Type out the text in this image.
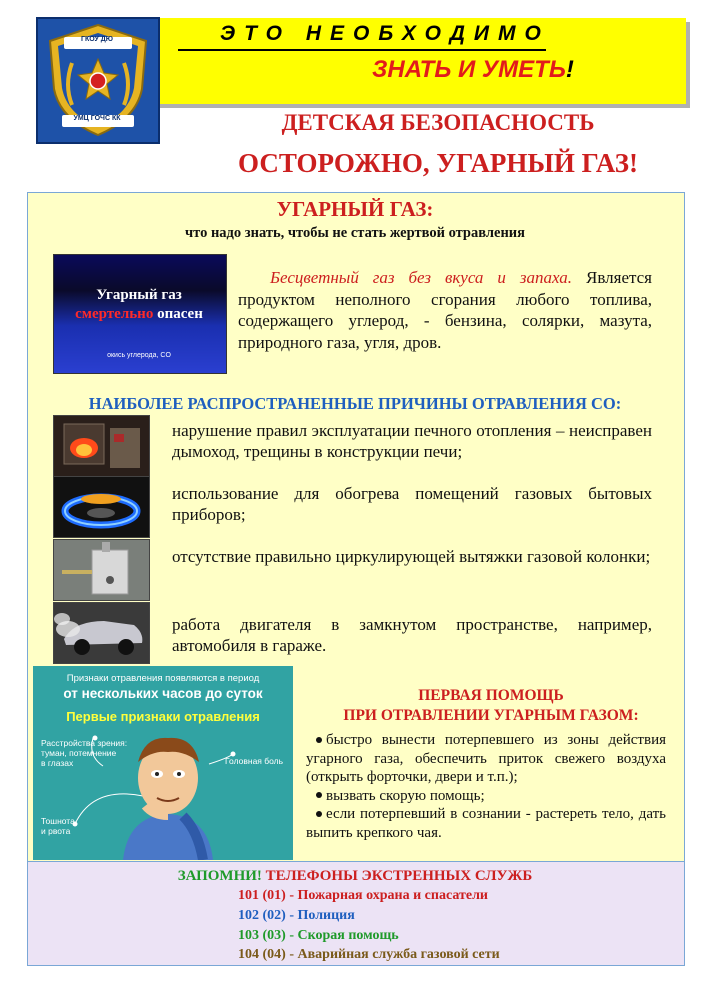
ГКОУ ДЮ
УМЦ ГОЧС КК
ЭТО НЕОБХОДИМО
ЗНАТЬ И УМЕТЬ!
ДЕТСКАЯ БЕЗОПАСНОСТЬ
ОСТОРОЖНО, УГАРНЫЙ ГАЗ!
УГАРНЫЙ ГАЗ:
что надо знать, чтобы не стать жертвой отравления
Угарный газ
смертельно опасен
окись углерода, CO
Бесцветный газ без вкуса и запаха. Является продуктом неполного сгорания любого топлива, содержащего углерод, - бензина, солярки, мазута, природного газа, угля, дров.
НАИБОЛЕЕ РАСПРОСТРАНЕННЫЕ ПРИЧИНЫ ОТРАВЛЕНИЯ CO:
нарушение правил эксплуатации печного отопления – неисправен дымоход, трещины в конструкции печи;
использование для обогрева помещений газовых бытовых приборов;
отсутствие правильно циркулирующей вытяжки газовой колонки;
работа двигателя в замкнутом пространстве, например, автомобиля в гараже.
Признаки отравления появляются в период
от нескольких часов до суток
Первые признаки отравления
Расстройства зрения:
туман, потемнение
в глазах	Головная боль
Тошнота
и рвота
ПЕРВАЯ ПОМОЩЬ
ПРИ ОТРАВЛЕНИИ УГАРНЫМ ГАЗОМ:
быстро вынести потерпевшего из зоны действия угарного газа, обеспечить приток свежего воздуха (открыть форточки, двери и т.п.);
вызвать скорую помощь;
если потерпевший в сознании - растереть тело, дать выпить крепкого чая.
ЗАПОМНИ! ТЕЛЕФОНЫ ЭКСТРЕННЫХ СЛУЖБ
101 (01) - Пожарная охрана и спасатели
102 (02) - Полиция
103 (03) - Скорая помощь
104 (04) - Аварийная служба газовой сети
